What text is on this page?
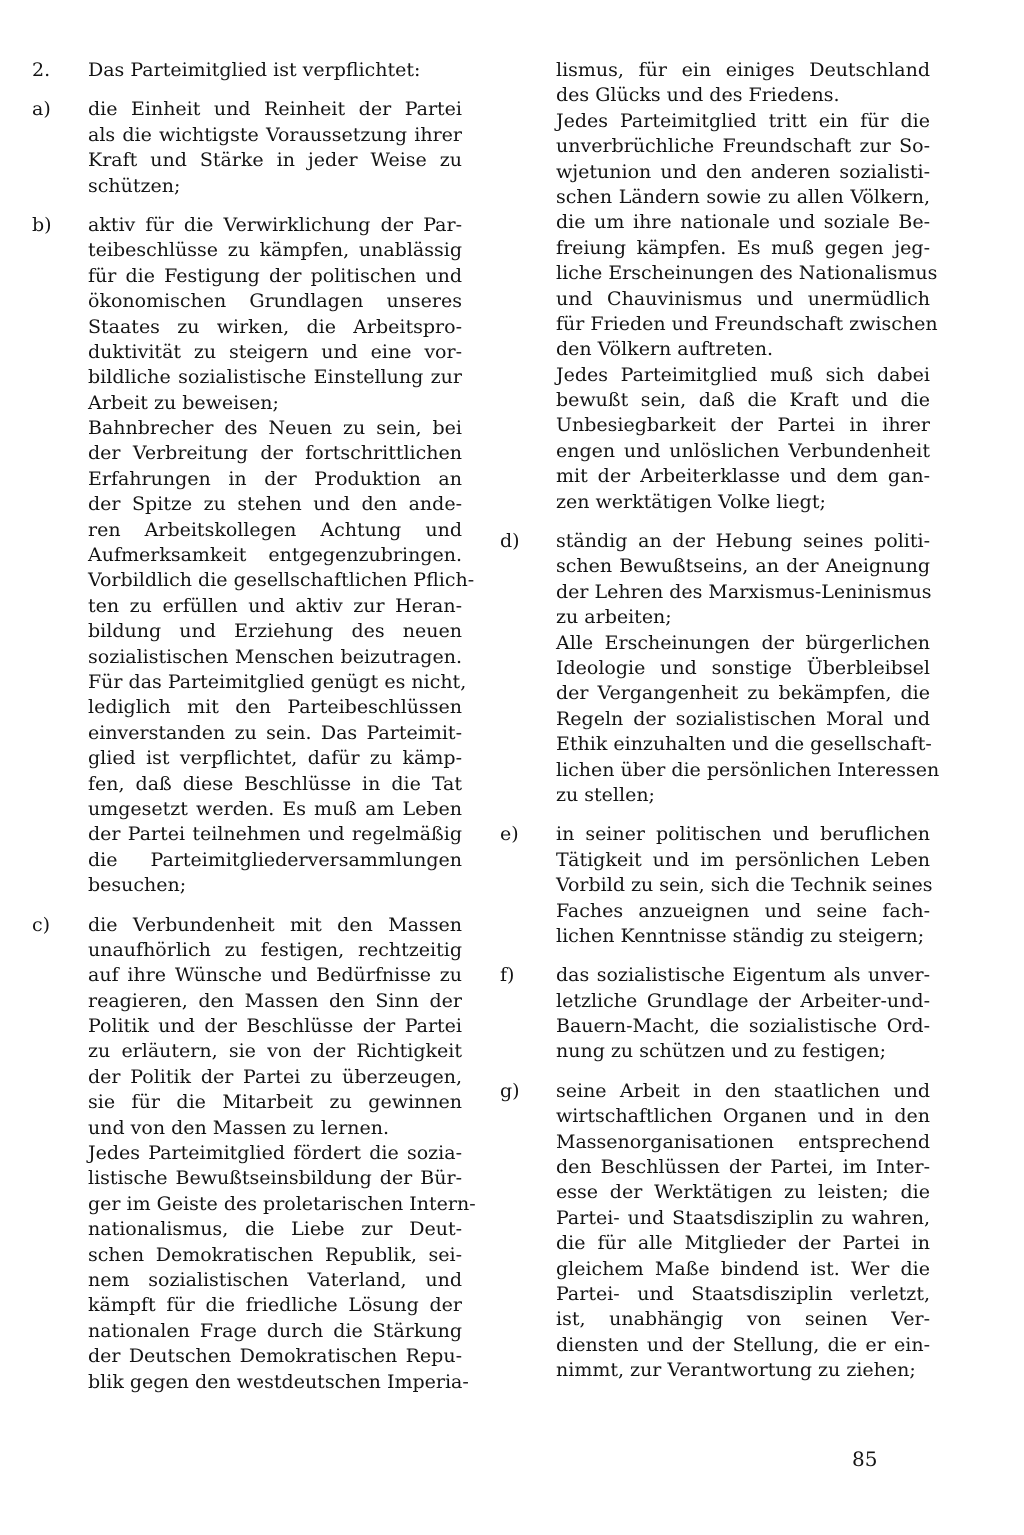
2. Das Parteimitglied ist verpflichtet:
a) die Einheit und Reinheit der Partei
als die wichtigste Voraussetzung ihrer
Kraft und Stärke in jeder Weise zu
schützen;
b) aktiv für die Verwirklichung der Par-
teibeschlüsse zu kämpfen, unablässig
für die Festigung der politischen und
ökonomischen Grundlagen unseres
Staates zu wirken, die Arbeitspro-
duktivität zu steigern und eine vor-
bildliche sozialistische Einstellung zur
Arbeit zu beweisen;
Bahnbrecher des Neuen zu sein, bei
der Verbreitung der fortschrittlichen
Erfahrungen in der Produktion an
der Spitze zu stehen und den ande-
ren Arbeitskollegen Achtung und
Aufmerksamkeit entgegenzubringen.
Vorbildlich die gesellschaftlichen Pflich-
ten zu erfüllen und aktiv zur Heran-
bildung und Erziehung des neuen
sozialistischen Menschen beizutragen.
Für das Parteimitglied genügt es nicht,
lediglich mit den Parteibeschlüssen
einverstanden zu sein. Das Parteimit-
glied ist verpflichtet, dafür zu kämp-
fen, daß diese Beschlüsse in die Tat
umgesetzt werden. Es muß am Leben
der Partei teilnehmen und regelmäßig
die Parteimitgliederversammlungen
besuchen;
c) die Verbundenheit mit den Massen
unaufhörlich zu festigen, rechtzeitig
auf ihre Wünsche und Bedürfnisse zu
reagieren, den Massen den Sinn der
Politik und der Beschlüsse der Partei
zu erläutern, sie von der Richtigkeit
der Politik der Partei zu überzeugen,
sie für die Mitarbeit zu gewinnen
und von den Massen zu lernen.
Jedes Parteimitglied fördert die sozia-
listische Bewußtseinsbildung der Bür-
ger im Geiste des proletarischen Intern-
nationalismus, die Liebe zur Deut-
schen Demokratischen Republik, sei-
nem sozialistischen Vaterland, und
kämpft für die friedliche Lösung der
nationalen Frage durch die Stärkung
der Deutschen Demokratischen Repu-
blik gegen den westdeutschen Imperia-
lismus, für ein einiges Deutschland
des Glücks und des Friedens.
Jedes Parteimitglied tritt ein für die
unverbrüchliche Freundschaft zur So-
wjetunion und den anderen sozialisti-
schen Ländern sowie zu allen Völkern,
die um ihre nationale und soziale Be-
freiung kämpfen. Es muß gegen jeg-
liche Erscheinungen des Nationalismus
und Chauvinismus und unermüdlich
für Frieden und Freundschaft zwischen
den Völkern auftreten.
Jedes Parteimitglied muß sich dabei
bewußt sein, daß die Kraft und die
Unbesiegbarkeit der Partei in ihrer
engen und unlöslichen Verbundenheit
mit der Arbeiterklasse und dem gan-
zen werktätigen Volke liegt;
d) ständig an der Hebung seines politi-
schen Bewußtseins, an der Aneignung
der Lehren des Marxismus-Leninismus
zu arbeiten;
Alle Erscheinungen der bürgerlichen
Ideologie und sonstige Überbleibsel
der Vergangenheit zu bekämpfen, die
Regeln der sozialistischen Moral und
Ethik einzuhalten und die gesellschaft-
lichen über die persönlichen Interessen
zu stellen;
e) in seiner politischen und beruflichen
Tätigkeit und im persönlichen Leben
Vorbild zu sein, sich die Technik seines
Faches anzueignen und seine fach-
lichen Kenntnisse ständig zu steigern;
f) das sozialistische Eigentum als unver-
letzliche Grundlage der Arbeiter-und-
Bauern-Macht, die sozialistische Ord-
nung zu schützen und zu festigen;
g) seine Arbeit in den staatlichen und
wirtschaftlichen Organen und in den
Massenorganisationen entsprechend
den Beschlüssen der Partei, im Inter-
esse der Werktätigen zu leisten; die
Partei- und Staatsdisziplin zu wahren,
die für alle Mitglieder der Partei in
gleichem Maße bindend ist. Wer die
Partei- und Staatsdisziplin verletzt,
ist, unabhängig von seinen Ver-
diensten und der Stellung, die er ein-
nimmt, zur Verantwortung zu ziehen;
85
